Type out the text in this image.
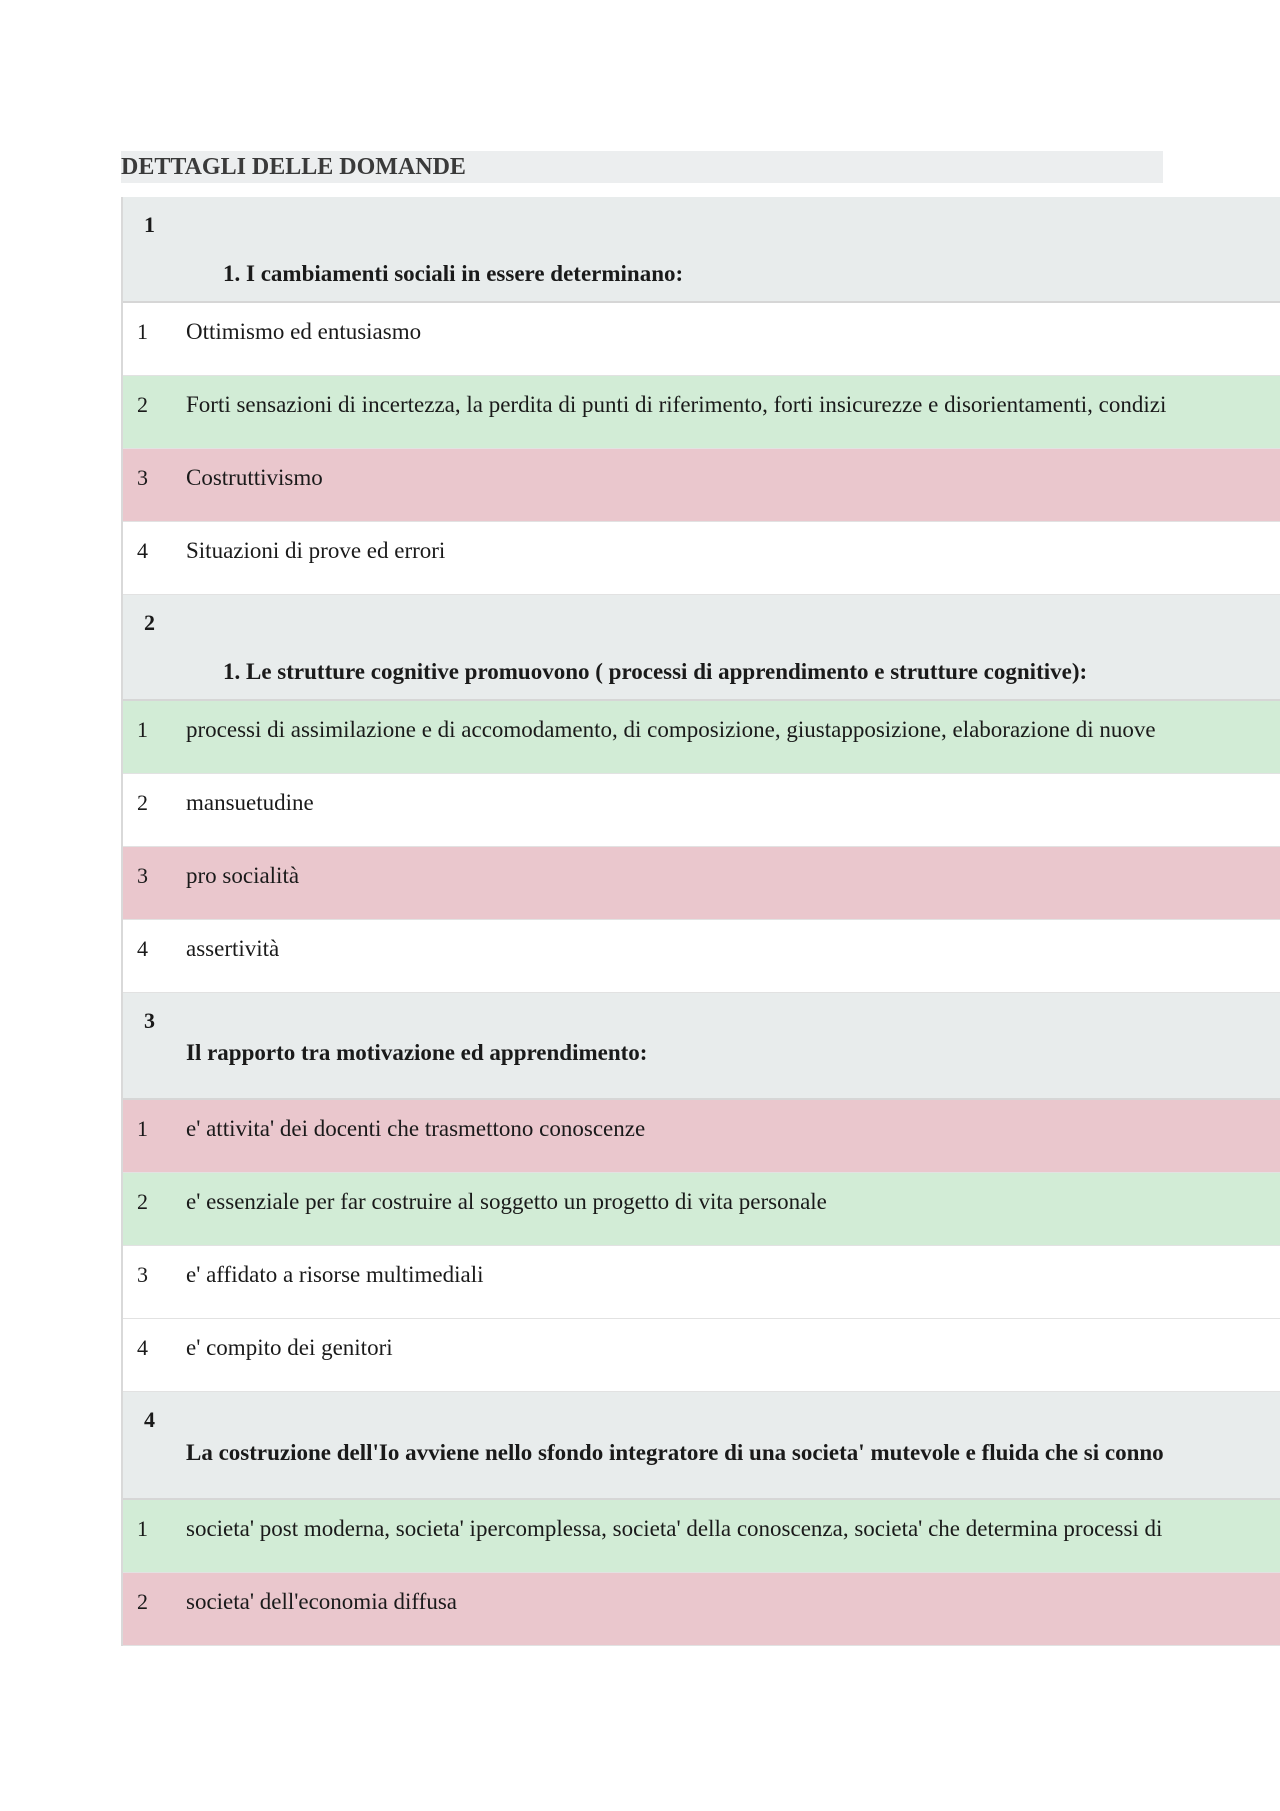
DETTAGLI DELLE DOMANDE
1
1. I cambiamenti sociali in essere determinano:
1 Ottimismo ed entusiasmo
2 Forti sensazioni di incertezza, la perdita di punti di riferimento, forti insicurezze e disorientamenti, condizi
3 Costruttivismo
4 Situazioni di prove ed errori
2
1. Le strutture cognitive promuovono ( processi di apprendimento e strutture cognitive):
1 processi di assimilazione e di accomodamento, di composizione, giustapposizione, elaborazione di nuove
2 mansuetudine
3 pro socialità
4 assertività
3
Il rapporto tra motivazione ed apprendimento:
1 e' attivita' dei docenti che trasmettono conoscenze
2 e' essenziale per far costruire al soggetto un progetto di vita personale
3 e' affidato a risorse multimediali
4 e' compito dei genitori
4
La costruzione dell'Io avviene nello sfondo integratore di una societa' mutevole e fluida che si conno
1 societa' post moderna, societa' ipercomplessa, societa' della conoscenza, societa' che determina processi di
2 societa' dell'economia diffusa
